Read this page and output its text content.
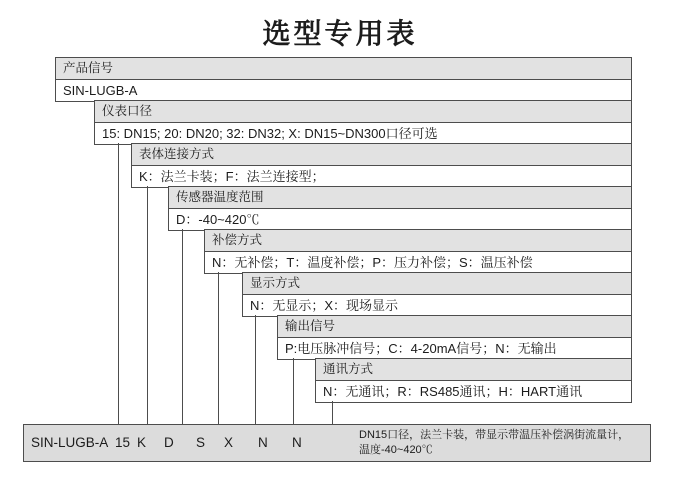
选型专用表
产品信号
SIN-LUGB-A
仪表口径
15: DN15; 20: DN20; 32: DN32; X: DN15~DN300口径可选
表体连接方式
K：法兰卡装；F：法兰连接型；
传感器温度范围
D：-40~420℃
补偿方式
N：无补偿；T：温度补偿；P：压力补偿；S：温压补偿
显示方式
N：无显示；X：现场显示
输出信号
P:电压脉冲信号；C：4-20mA信号；N：无输出
通讯方式
N：无通讯；R：RS485通讯；H：HART通讯
SIN-LUGB-A 15 K D S X N N	DN15口径，法兰卡装，带显示带温压补偿涡街流量计，
温度-40~420℃
